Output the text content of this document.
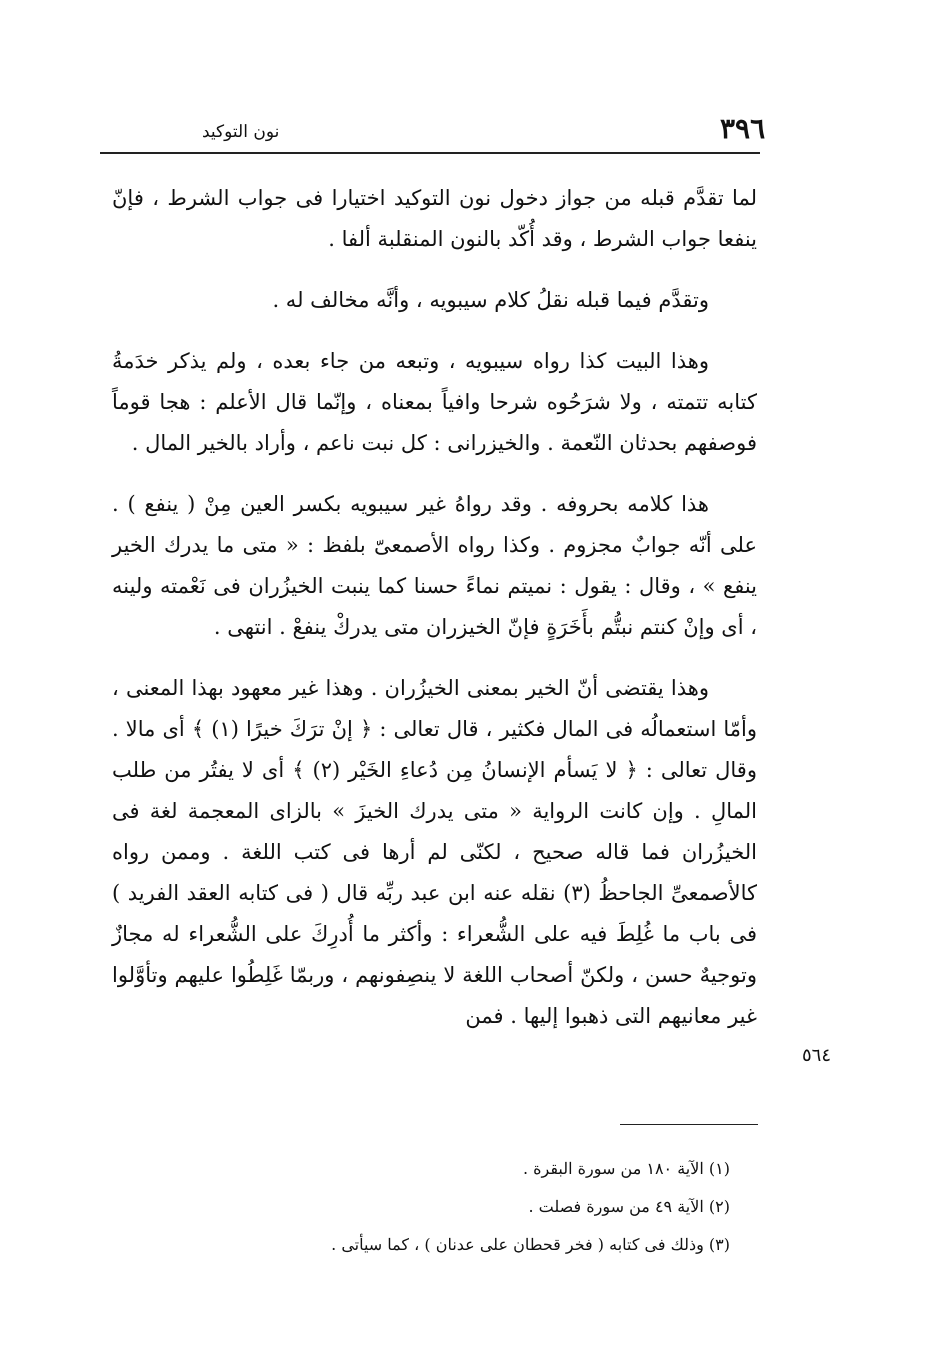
٣٩٦
نون التوكيد

لما تقدَّم قبله من جواز دخول نون التوكيد اختيارا فى جواب الشرط ، فإنّ ينفعا جواب الشرط ، وقد أُكّد بالنون المنقلبة ألفا .

وتقدَّم فيما قبله نقلُ كلام سيبويه ، وأنَّه مخالف له .

وهذا البيت كذا رواه سيبويه ، وتبعه من جاء بعده ، ولم يذكر خدَمةُ كتابه تتمته ، ولا شرَحُوه شرحا وافياً بمعناه ، وإنّما قال الأعلم : هجا قوماً فوصفهم بحدثان النّعمة . والخيزرانى : كل نبت ناعم ، وأراد بالخير المال .

هذا كلامه بحروفه . وقد رواهُ غير سيبويه بكسر العين مِنْ ( ينفع ) . على أنّه جوابٌ مجزوم . وكذا رواه الأصمعىّ بلفظ : « متى ما يدرك الخير ينفع » ، وقال : يقول : نميتم نماءً حسنا كما ينبت الخيزُران فى نَعْمته ولينه ، أى وإنْ كنتم نبتُّم بأَخَرَةٍ فإنّ الخيزران متى يدركْ ينفعْ . انتهى .

وهذا يقتضى أنّ الخير بمعنى الخيزُران . وهذا غير معهود بهذا المعنى ، وأمّا استعمالُه فى المال فكثير ، قال تعالى : ﴿ إنْ ترَكَ خيرًا (١) ﴾ أى مالا . وقال تعالى : ﴿ لا يَسأم الإنسانُ مِن دُعاءِ الخَيْر (٢) ﴾ أى لا يفتُر من طلب المالِ . وإن كانت الرواية « متى يدرك الخيزَ » بالزاى المعجمة لغة فى الخيزُران فما قاله صحيح ، لكنّى لم أرها فى كتب اللغة . وممن رواه كالأصمعىِّ الجاحظُ (٣) نقله عنه ابن عبد ربِّه قال ( فى كتابه العقد الفريد ) فى باب ما غُلِطَ فيه على الشُّعراء : وأكثر ما أُدرِكَ على الشُّعراء له مجازٌ وتوجيهٌ حسن ، ولكنّ أصحاب اللغة لا ينصِفونهم ، وربمّا غَلِطُوا عليهم وتأوَّلوا غير معانيهم التى ذهبوا إليها . فمن

٥٦٤

(١) الآية ١٨٠ من سورة البقرة .

(٢) الآية ٤٩ من سورة فصلت .

(٣) وذلك فى كتابه ( فخر قحطان على عدنان ) ، كما سيأتى .
